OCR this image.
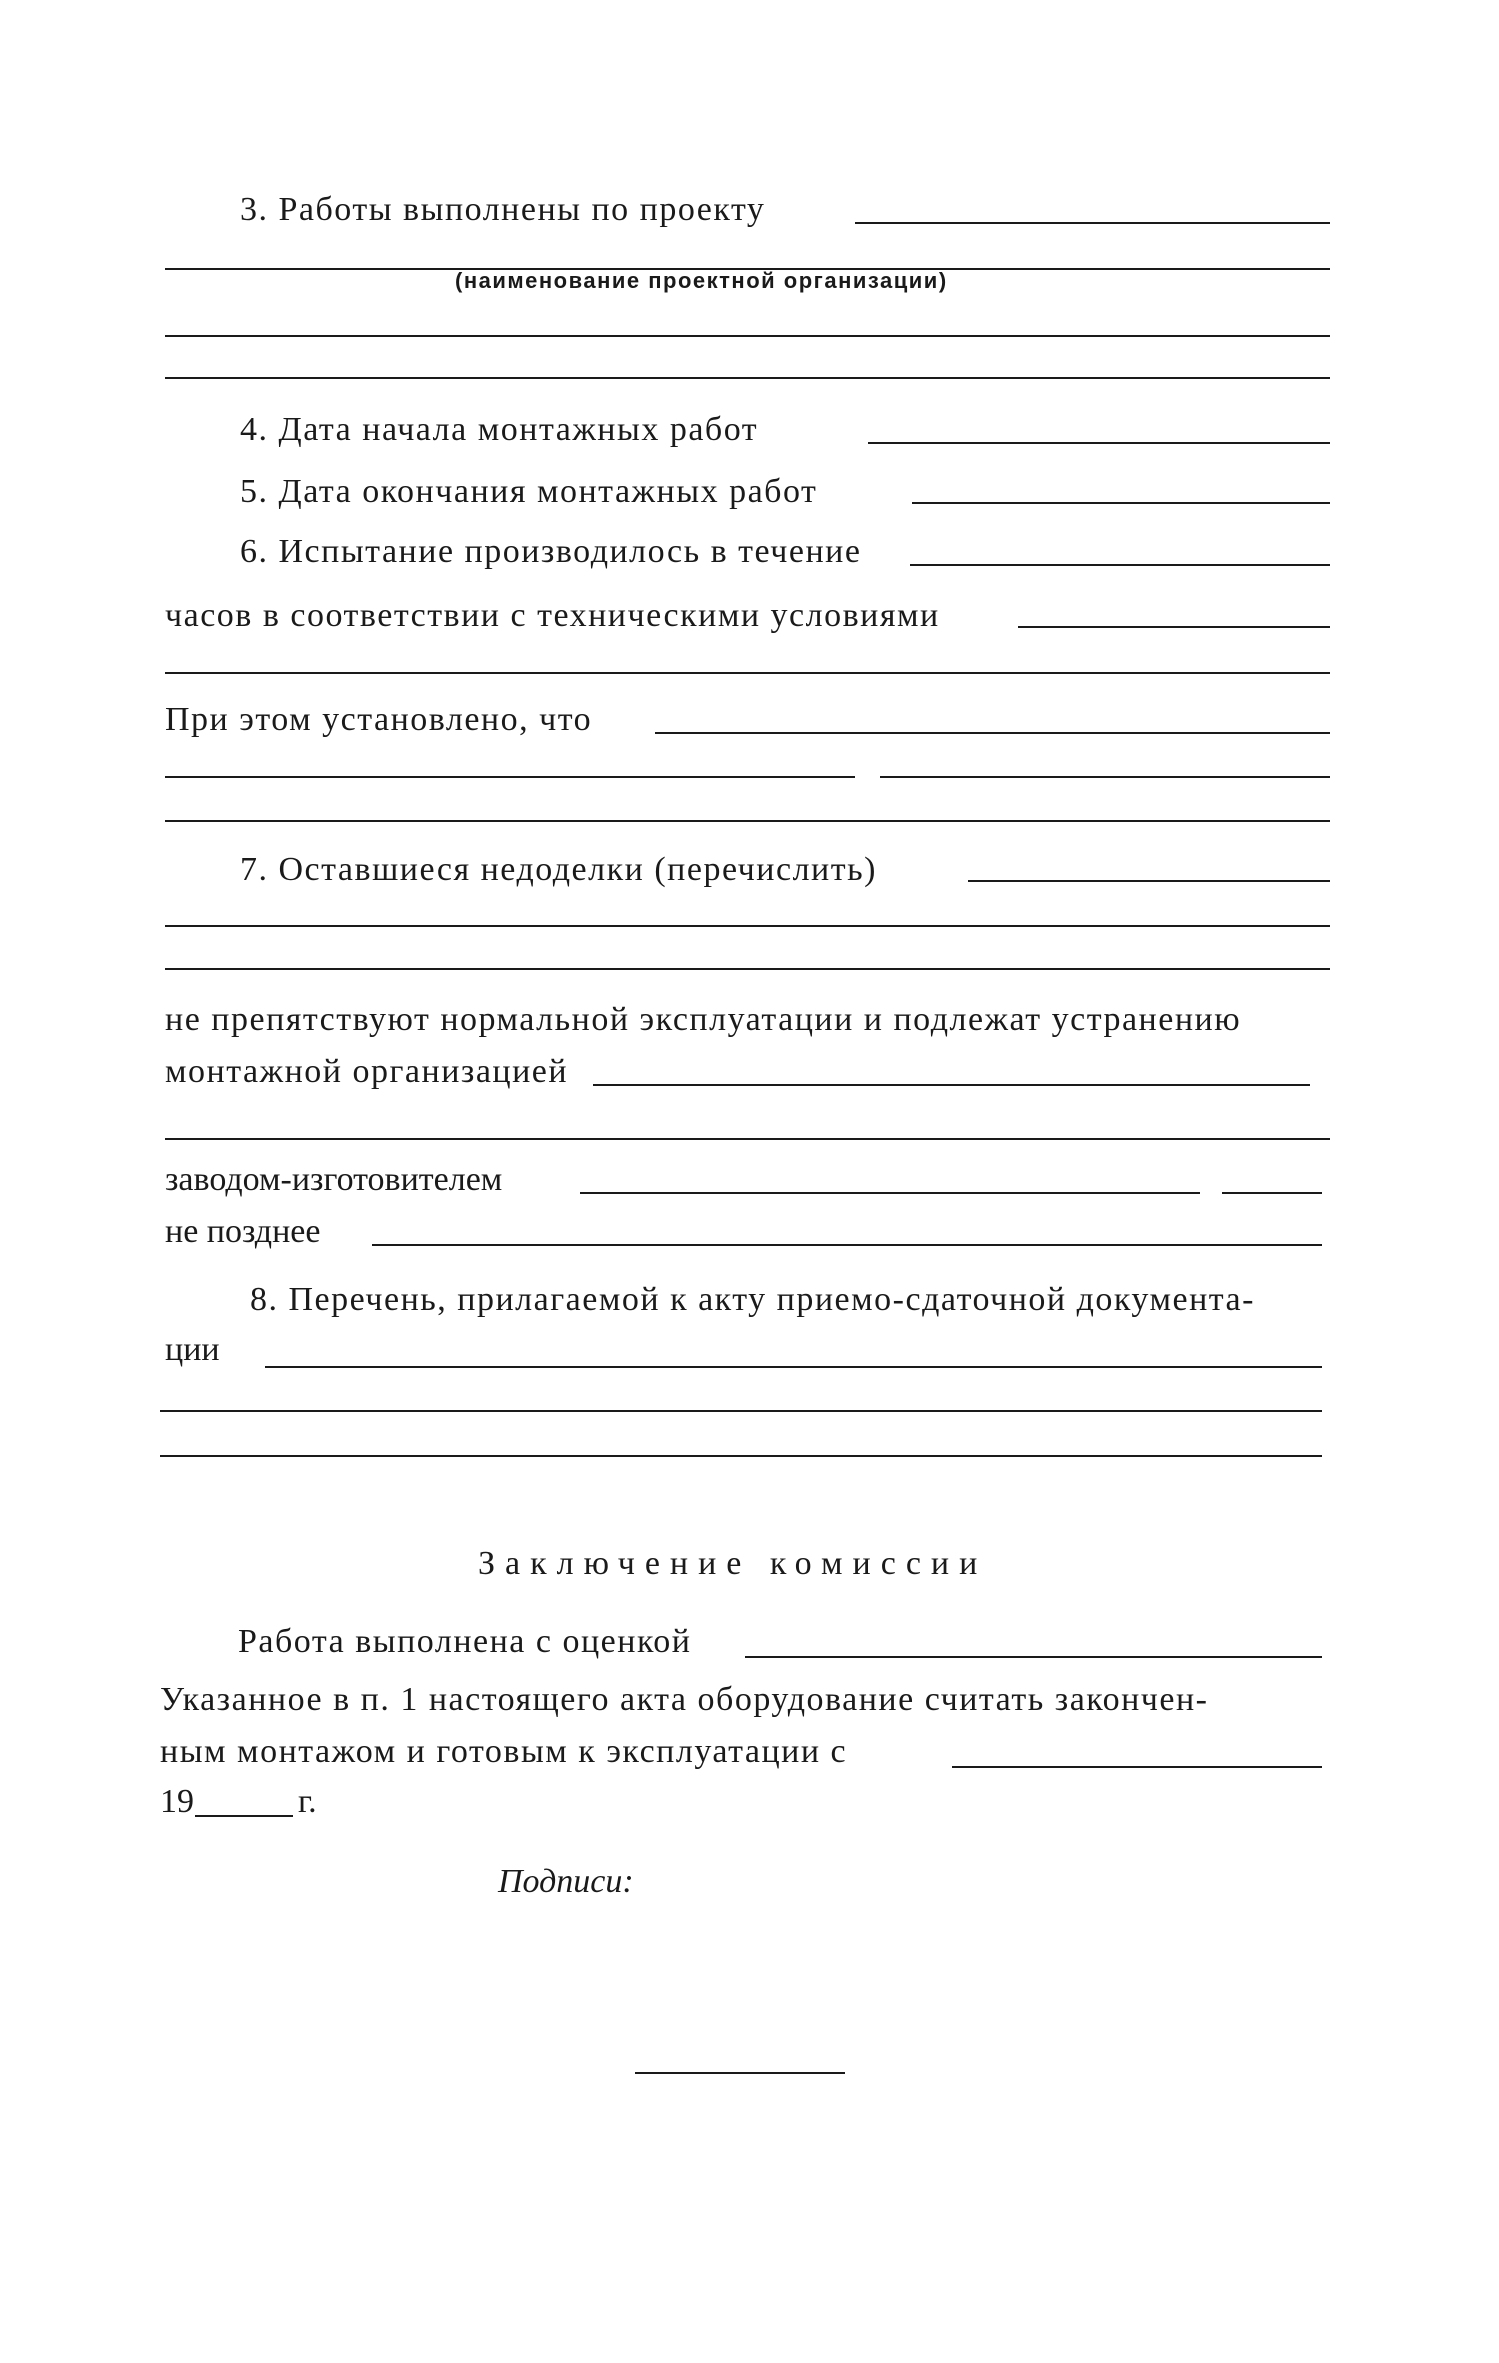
3. Работы выполнены по проекту
(наименование проектной организации)
4. Дата начала монтажных работ
5. Дата окончания монтажных работ
6. Испытание производилось в течение
часов в соответствии с техническими условиями
При этом установлено, что
7. Оставшиеся недоделки (перечислить)
не препятствуют нормальной эксплуатации и подлежат устранению
монтажной организацией
заводом-изготовителем
не позднее
8. Перечень, прилагаемой к акту приемо-сдаточной документа-
ции
Заключение комиссии
Работа выполнена с оценкой
Указанное в п. 1 настоящего акта оборудование считать закончен-
ным монтажом и готовым к эксплуатации с
19	г.
Подписи:
